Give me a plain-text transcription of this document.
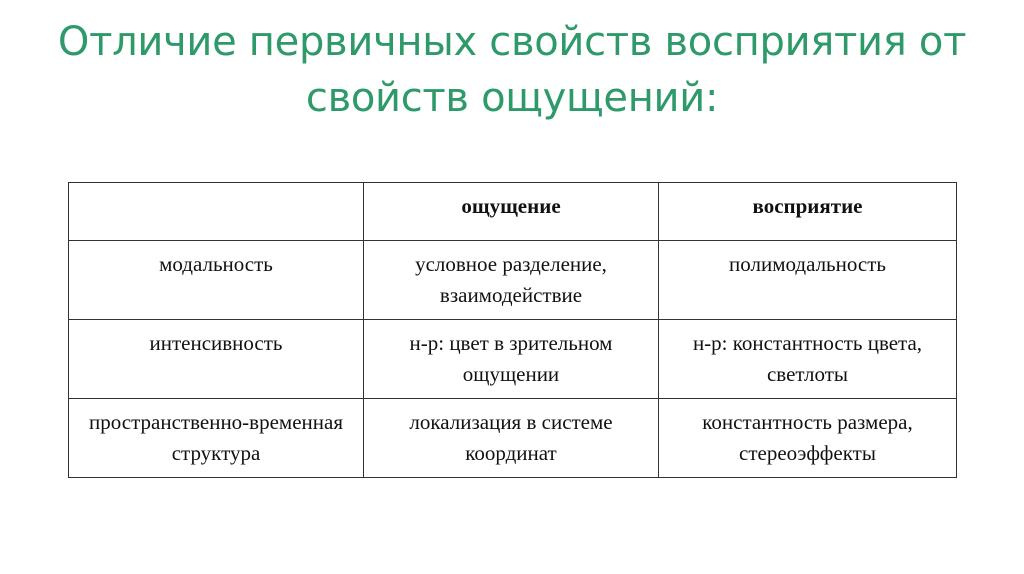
Отличие первичных свойств восприятия от
свойств ощущений:
	ощущение	восприятие
модальность	условное разделение, взаимодействие	полимодальность
интенсивность	н-р: цвет в зрительном ощущении	н-р: константность цвета, светлоты
пространственно-временная структура	локализация в системе координат	константность размера, стереоэффекты
